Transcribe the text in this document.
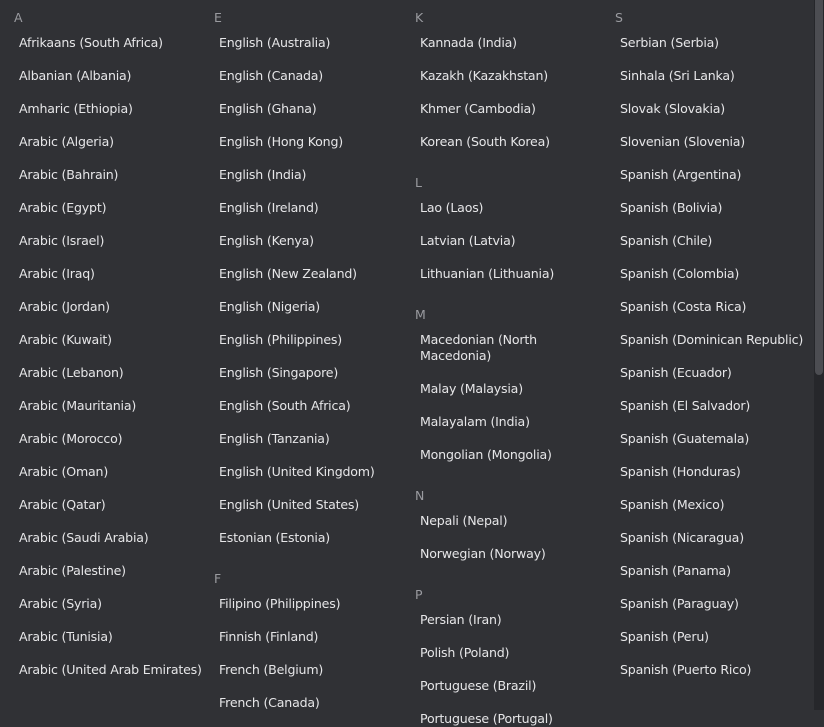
A
Afrikaans (South Africa)
Albanian (Albania)
Amharic (Ethiopia)
Arabic (Algeria)
Arabic (Bahrain)
Arabic (Egypt)
Arabic (Israel)
Arabic (Iraq)
Arabic (Jordan)
Arabic (Kuwait)
Arabic (Lebanon)
Arabic (Mauritania)
Arabic (Morocco)
Arabic (Oman)
Arabic (Qatar)
Arabic (Saudi Arabia)
Arabic (Palestine)
Arabic (Syria)
Arabic (Tunisia)
Arabic (United Arab Emirates)
E
English (Australia)
English (Canada)
English (Ghana)
English (Hong Kong)
English (India)
English (Ireland)
English (Kenya)
English (New Zealand)
English (Nigeria)
English (Philippines)
English (Singapore)
English (South Africa)
English (Tanzania)
English (United Kingdom)
English (United States)
Estonian (Estonia)
F
Filipino (Philippines)
Finnish (Finland)
French (Belgium)
French (Canada)
K
Kannada (India)
Kazakh (Kazakhstan)
Khmer (Cambodia)
Korean (South Korea)
L
Lao (Laos)
Latvian (Latvia)
Lithuanian (Lithuania)
M
Macedonian (North Macedonia)
Malay (Malaysia)
Malayalam (India)
Mongolian (Mongolia)
N
Nepali (Nepal)
Norwegian (Norway)
P
Persian (Iran)
Polish (Poland)
Portuguese (Brazil)
Portuguese (Portugal)
S
Serbian (Serbia)
Sinhala (Sri Lanka)
Slovak (Slovakia)
Slovenian (Slovenia)
Spanish (Argentina)
Spanish (Bolivia)
Spanish (Chile)
Spanish (Colombia)
Spanish (Costa Rica)
Spanish (Dominican Republic)
Spanish (Ecuador)
Spanish (El Salvador)
Spanish (Guatemala)
Spanish (Honduras)
Spanish (Mexico)
Spanish (Nicaragua)
Spanish (Panama)
Spanish (Paraguay)
Spanish (Peru)
Spanish (Puerto Rico)
